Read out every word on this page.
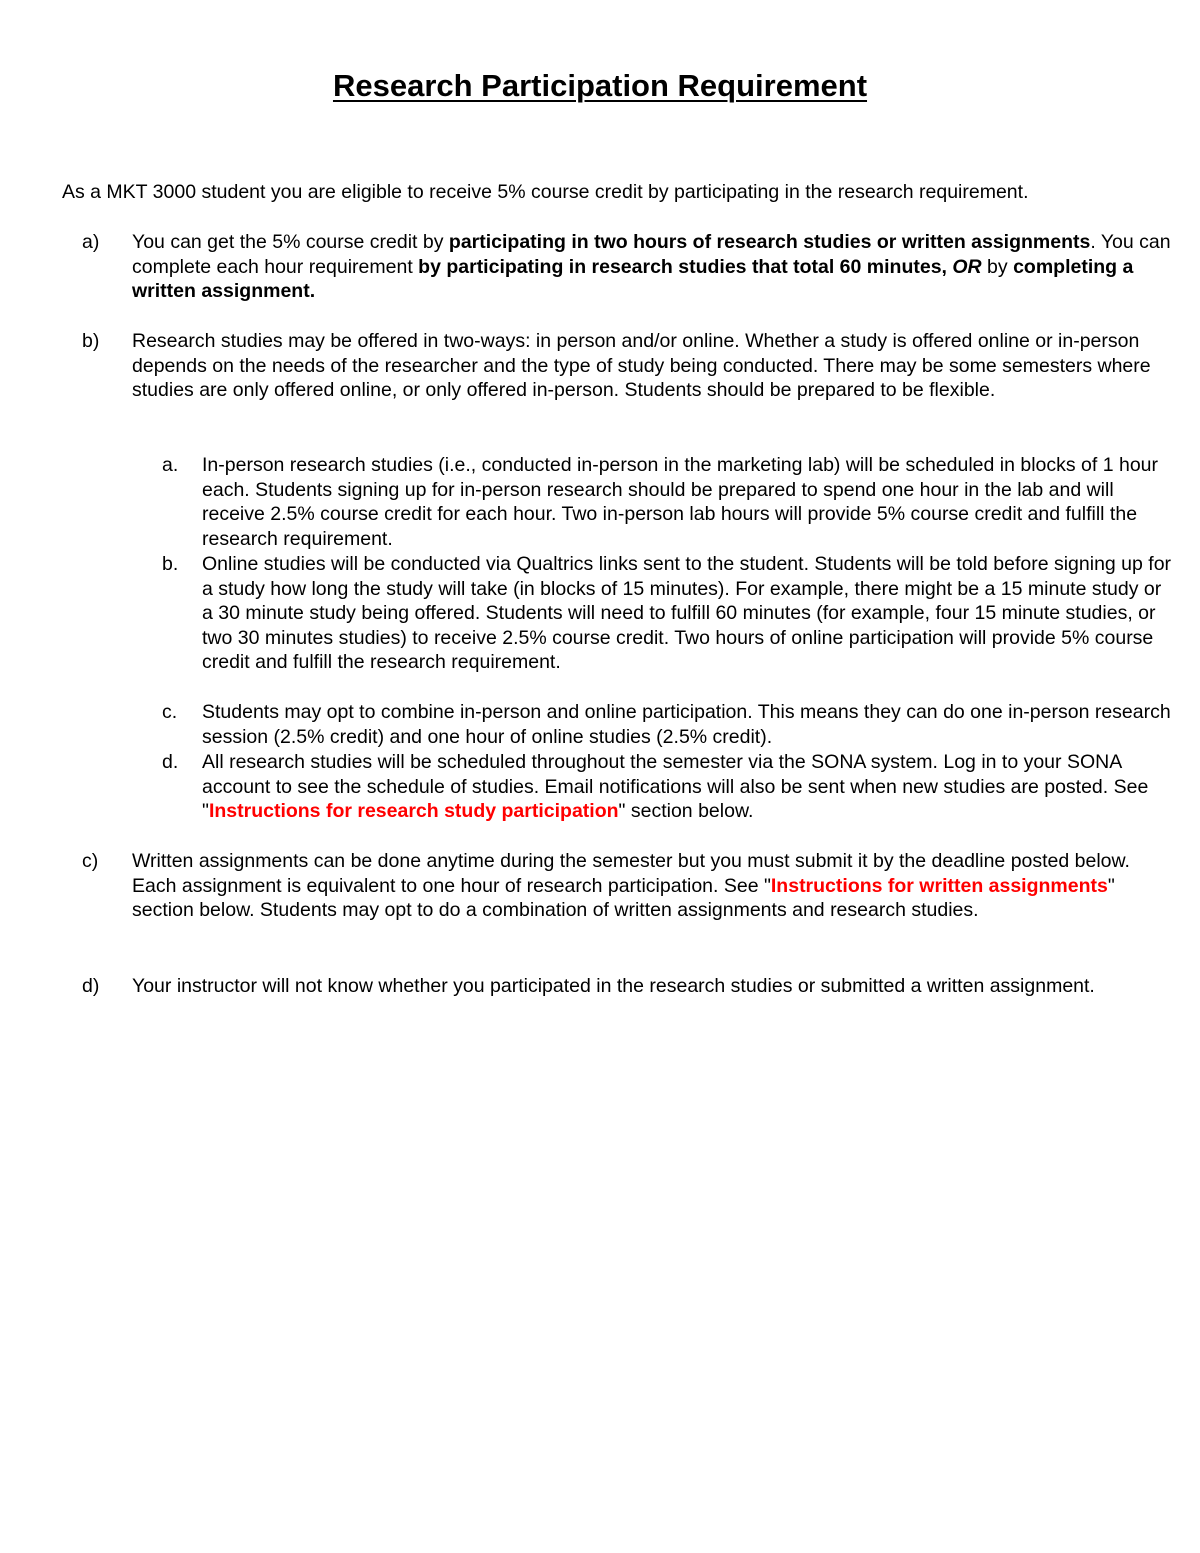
Research Participation Requirement
As a MKT 3000 student you are eligible to receive 5% course credit by participating in the research requirement.
a)	You can get the 5% course credit by participating in two hours of research studies or written assignments. You can complete each hour requirement by participating in research studies that total 60 minutes, OR by completing a written assignment.
b)	Research studies may be offered in two-ways: in person and/or online. Whether a study is offered online or in-person depends on the needs of the researcher and the type of study being conducted. There may be some semesters where studies are only offered online, or only offered in-person. Students should be prepared to be flexible.
a.	In-person research studies (i.e., conducted in-person in the marketing lab) will be scheduled in blocks of 1 hour each. Students signing up for in-person research should be prepared to spend one hour in the lab and will receive 2.5% course credit for each hour. Two in-person lab hours will provide 5% course credit and fulfill the research requirement.
b.	Online studies will be conducted via Qualtrics links sent to the student. Students will be told before signing up for a study how long the study will take (in blocks of 15 minutes). For example, there might be a 15 minute study or a 30 minute study being offered. Students will need to fulfill 60 minutes (for example, four 15 minute studies, or two 30 minutes studies) to receive 2.5% course credit. Two hours of online participation will provide 5% course credit and fulfill the research requirement.
c.	Students may opt to combine in-person and online participation. This means they can do one in-person research session (2.5% credit) and one hour of online studies (2.5% credit).
d.	All research studies will be scheduled throughout the semester via the SONA system. Log in to your SONA account to see the schedule of studies. Email notifications will also be sent when new studies are posted. See "Instructions for research study participation" section below.
c)	Written assignments can be done anytime during the semester but you must submit it by the deadline posted below. Each assignment is equivalent to one hour of research participation. See "Instructions for written assignments" section below. Students may opt to do a combination of written assignments and research studies.
d)	Your instructor will not know whether you participated in the research studies or submitted a written assignment.
